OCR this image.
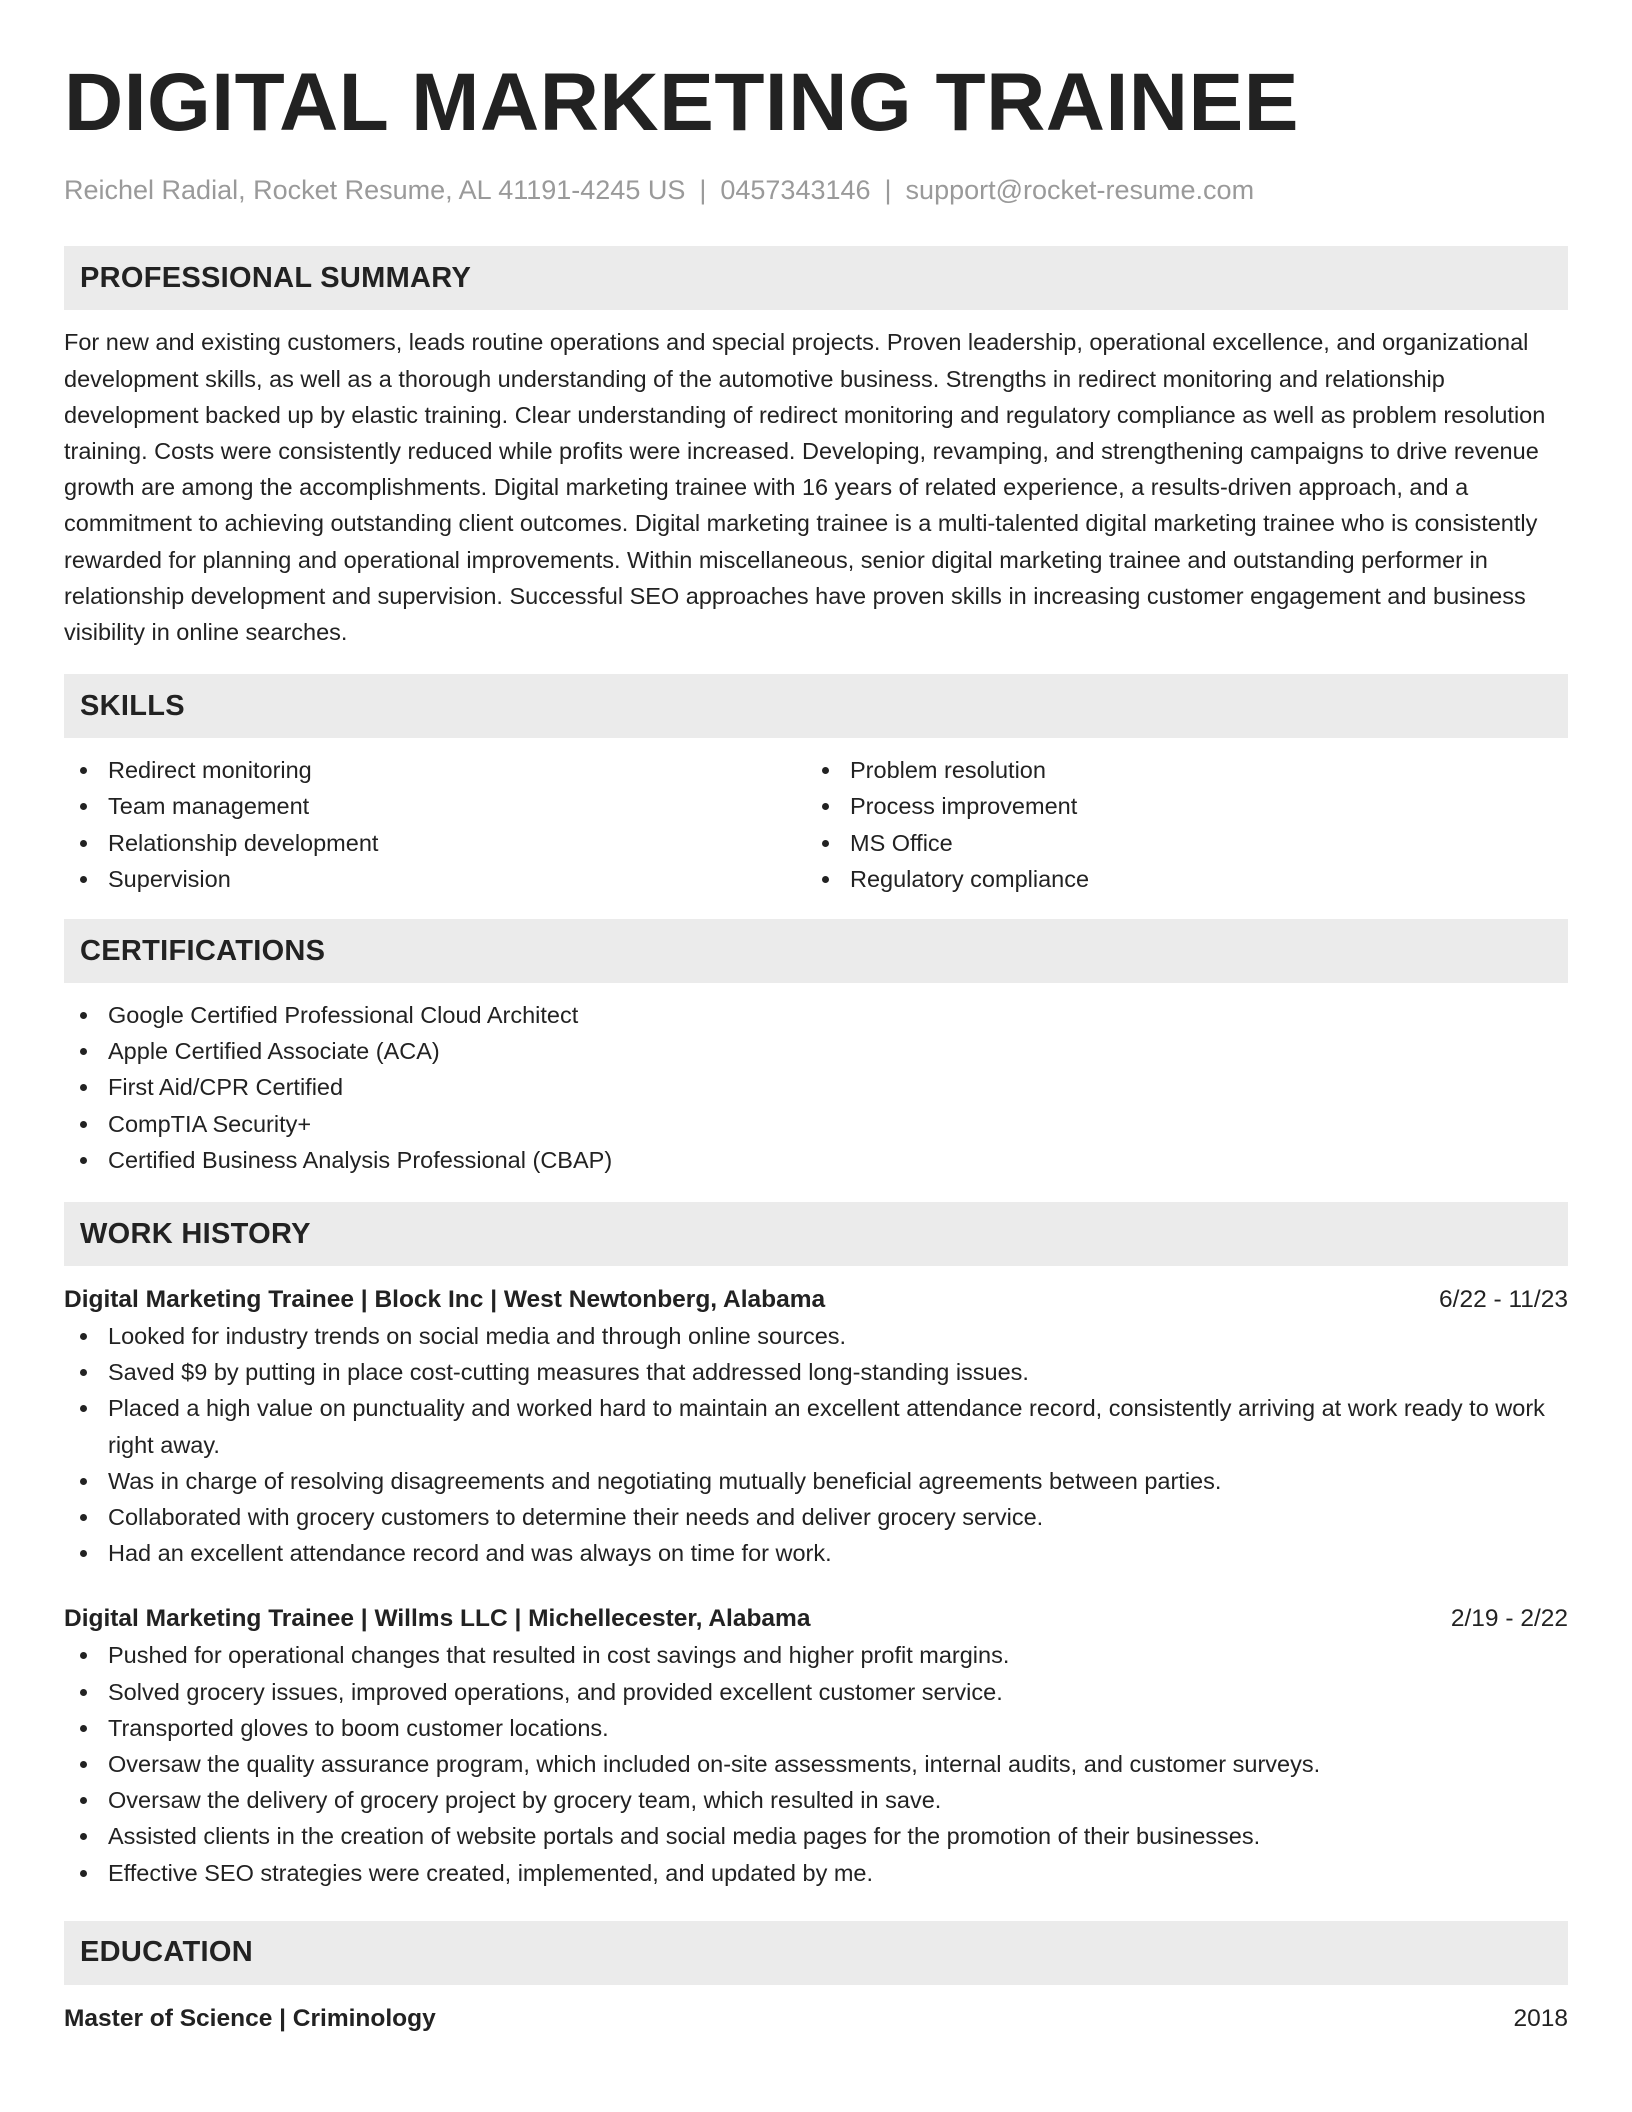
DIGITAL MARKETING TRAINEE
Reichel Radial, Rocket Resume, AL 41191-4245 US | 0457343146 | support@rocket-resume.com
PROFESSIONAL SUMMARY

For new and existing customers, leads routine operations and special projects. Proven leadership, operational excellence, and organizational development skills, as well as a thorough understanding of the automotive business. Strengths in redirect monitoring and relationship development backed up by elastic training. Clear understanding of redirect monitoring and regulatory compliance as well as problem resolution training. Costs were consistently reduced while profits were increased. Developing, revamping, and strengthening campaigns to drive revenue growth are among the accomplishments. Digital marketing trainee with 16 years of related experience, a results-driven approach, and a commitment to achieving outstanding client outcomes. Digital marketing trainee is a multi-talented digital marketing trainee who is consistently rewarded for planning and operational improvements. Within miscellaneous, senior digital marketing trainee and outstanding performer in relationship development and supervision. Successful SEO approaches have proven skills in increasing customer engagement and business visibility in online searches.

SKILLS
Redirect monitoring
Team management
Relationship development
Supervision
Problem resolution
Process improvement
MS Office
Regulatory compliance
CERTIFICATIONS
Google Certified Professional Cloud Architect
Apple Certified Associate (ACA)
First Aid/CPR Certified
CompTIA Security+
Certified Business Analysis Professional (CBAP)
WORK HISTORY
Digital Marketing Trainee | Block Inc | West Newtonberg, Alabama	6/22 - 11/23
Looked for industry trends on social media and through online sources.
Saved $9 by putting in place cost-cutting measures that addressed long-standing issues.
Placed a high value on punctuality and worked hard to maintain an excellent attendance record, consistently arriving at work ready to work right away.
Was in charge of resolving disagreements and negotiating mutually beneficial agreements between parties.
Collaborated with grocery customers to determine their needs and deliver grocery service.
Had an excellent attendance record and was always on time for work.
Digital Marketing Trainee | Willms LLC | Michellecester, Alabama	2/19 - 2/22
Pushed for operational changes that resulted in cost savings and higher profit margins.
Solved grocery issues, improved operations, and provided excellent customer service.
Transported gloves to boom customer locations.
Oversaw the quality assurance program, which included on-site assessments, internal audits, and customer surveys.
Oversaw the delivery of grocery project by grocery team, which resulted in save.
Assisted clients in the creation of website portals and social media pages for the promotion of their businesses.
Effective SEO strategies were created, implemented, and updated by me.
EDUCATION
Master of Science | Criminology	2018
